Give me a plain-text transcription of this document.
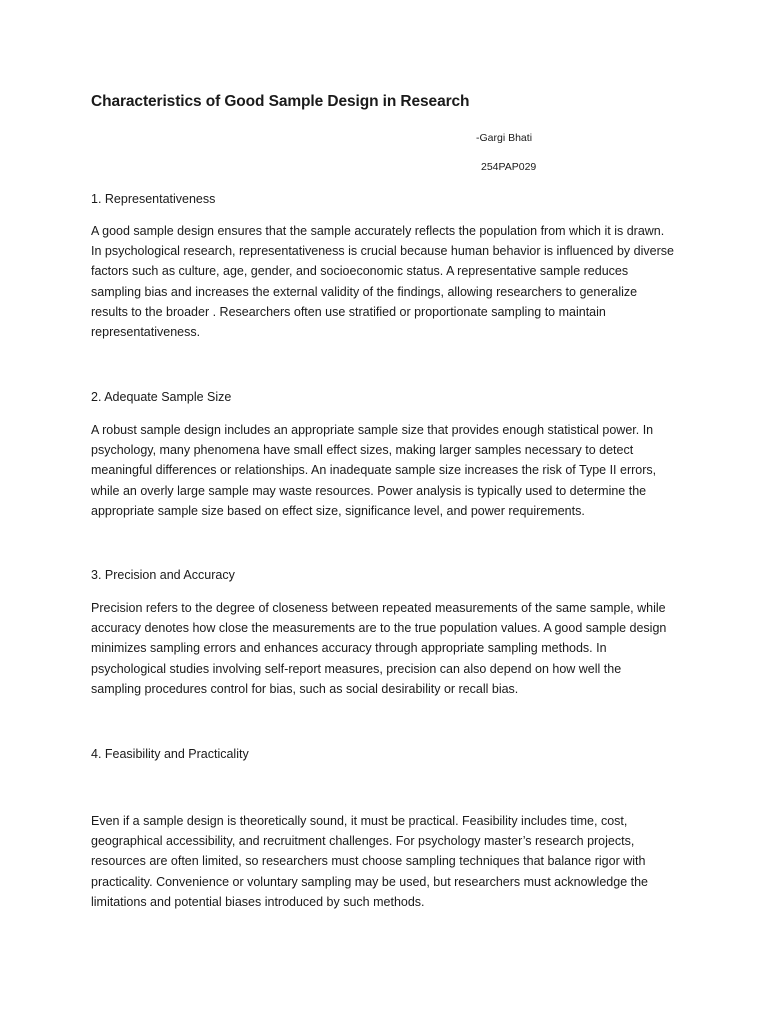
Characteristics of Good Sample Design in Research
-Gargi Bhati
254PAP029
1. Representativeness
A good sample design ensures that the sample accurately reflects the population from which it is drawn.
In psychological research, representativeness is crucial because human behavior is influenced by diverse
factors such as culture, age, gender, and socioeconomic status. A representative sample reduces
sampling bias and increases the external validity of the findings, allowing researchers to generalize
results to the broader . Researchers often use stratified or proportionate sampling to maintain
representativeness.
2. Adequate Sample Size
A robust sample design includes an appropriate sample size that provides enough statistical power. In
psychology, many phenomena have small effect sizes, making larger samples necessary to detect
meaningful differences or relationships. An inadequate sample size increases the risk of Type II errors,
while an overly large sample may waste resources. Power analysis is typically used to determine the
appropriate sample size based on effect size, significance level, and power requirements.
3. Precision and Accuracy
Precision refers to the degree of closeness between repeated measurements of the same sample, while
accuracy denotes how close the measurements are to the true population values. A good sample design
minimizes sampling errors and enhances accuracy through appropriate sampling methods. In
psychological studies involving self-report measures, precision can also depend on how well the
sampling procedures control for bias, such as social desirability or recall bias.
4. Feasibility and Practicality
Even if a sample design is theoretically sound, it must be practical. Feasibility includes time, cost,
geographical accessibility, and recruitment challenges. For psychology master’s research projects,
resources are often limited, so researchers must choose sampling techniques that balance rigor with
practicality. Convenience or voluntary sampling may be used, but researchers must acknowledge the
limitations and potential biases introduced by such methods.
